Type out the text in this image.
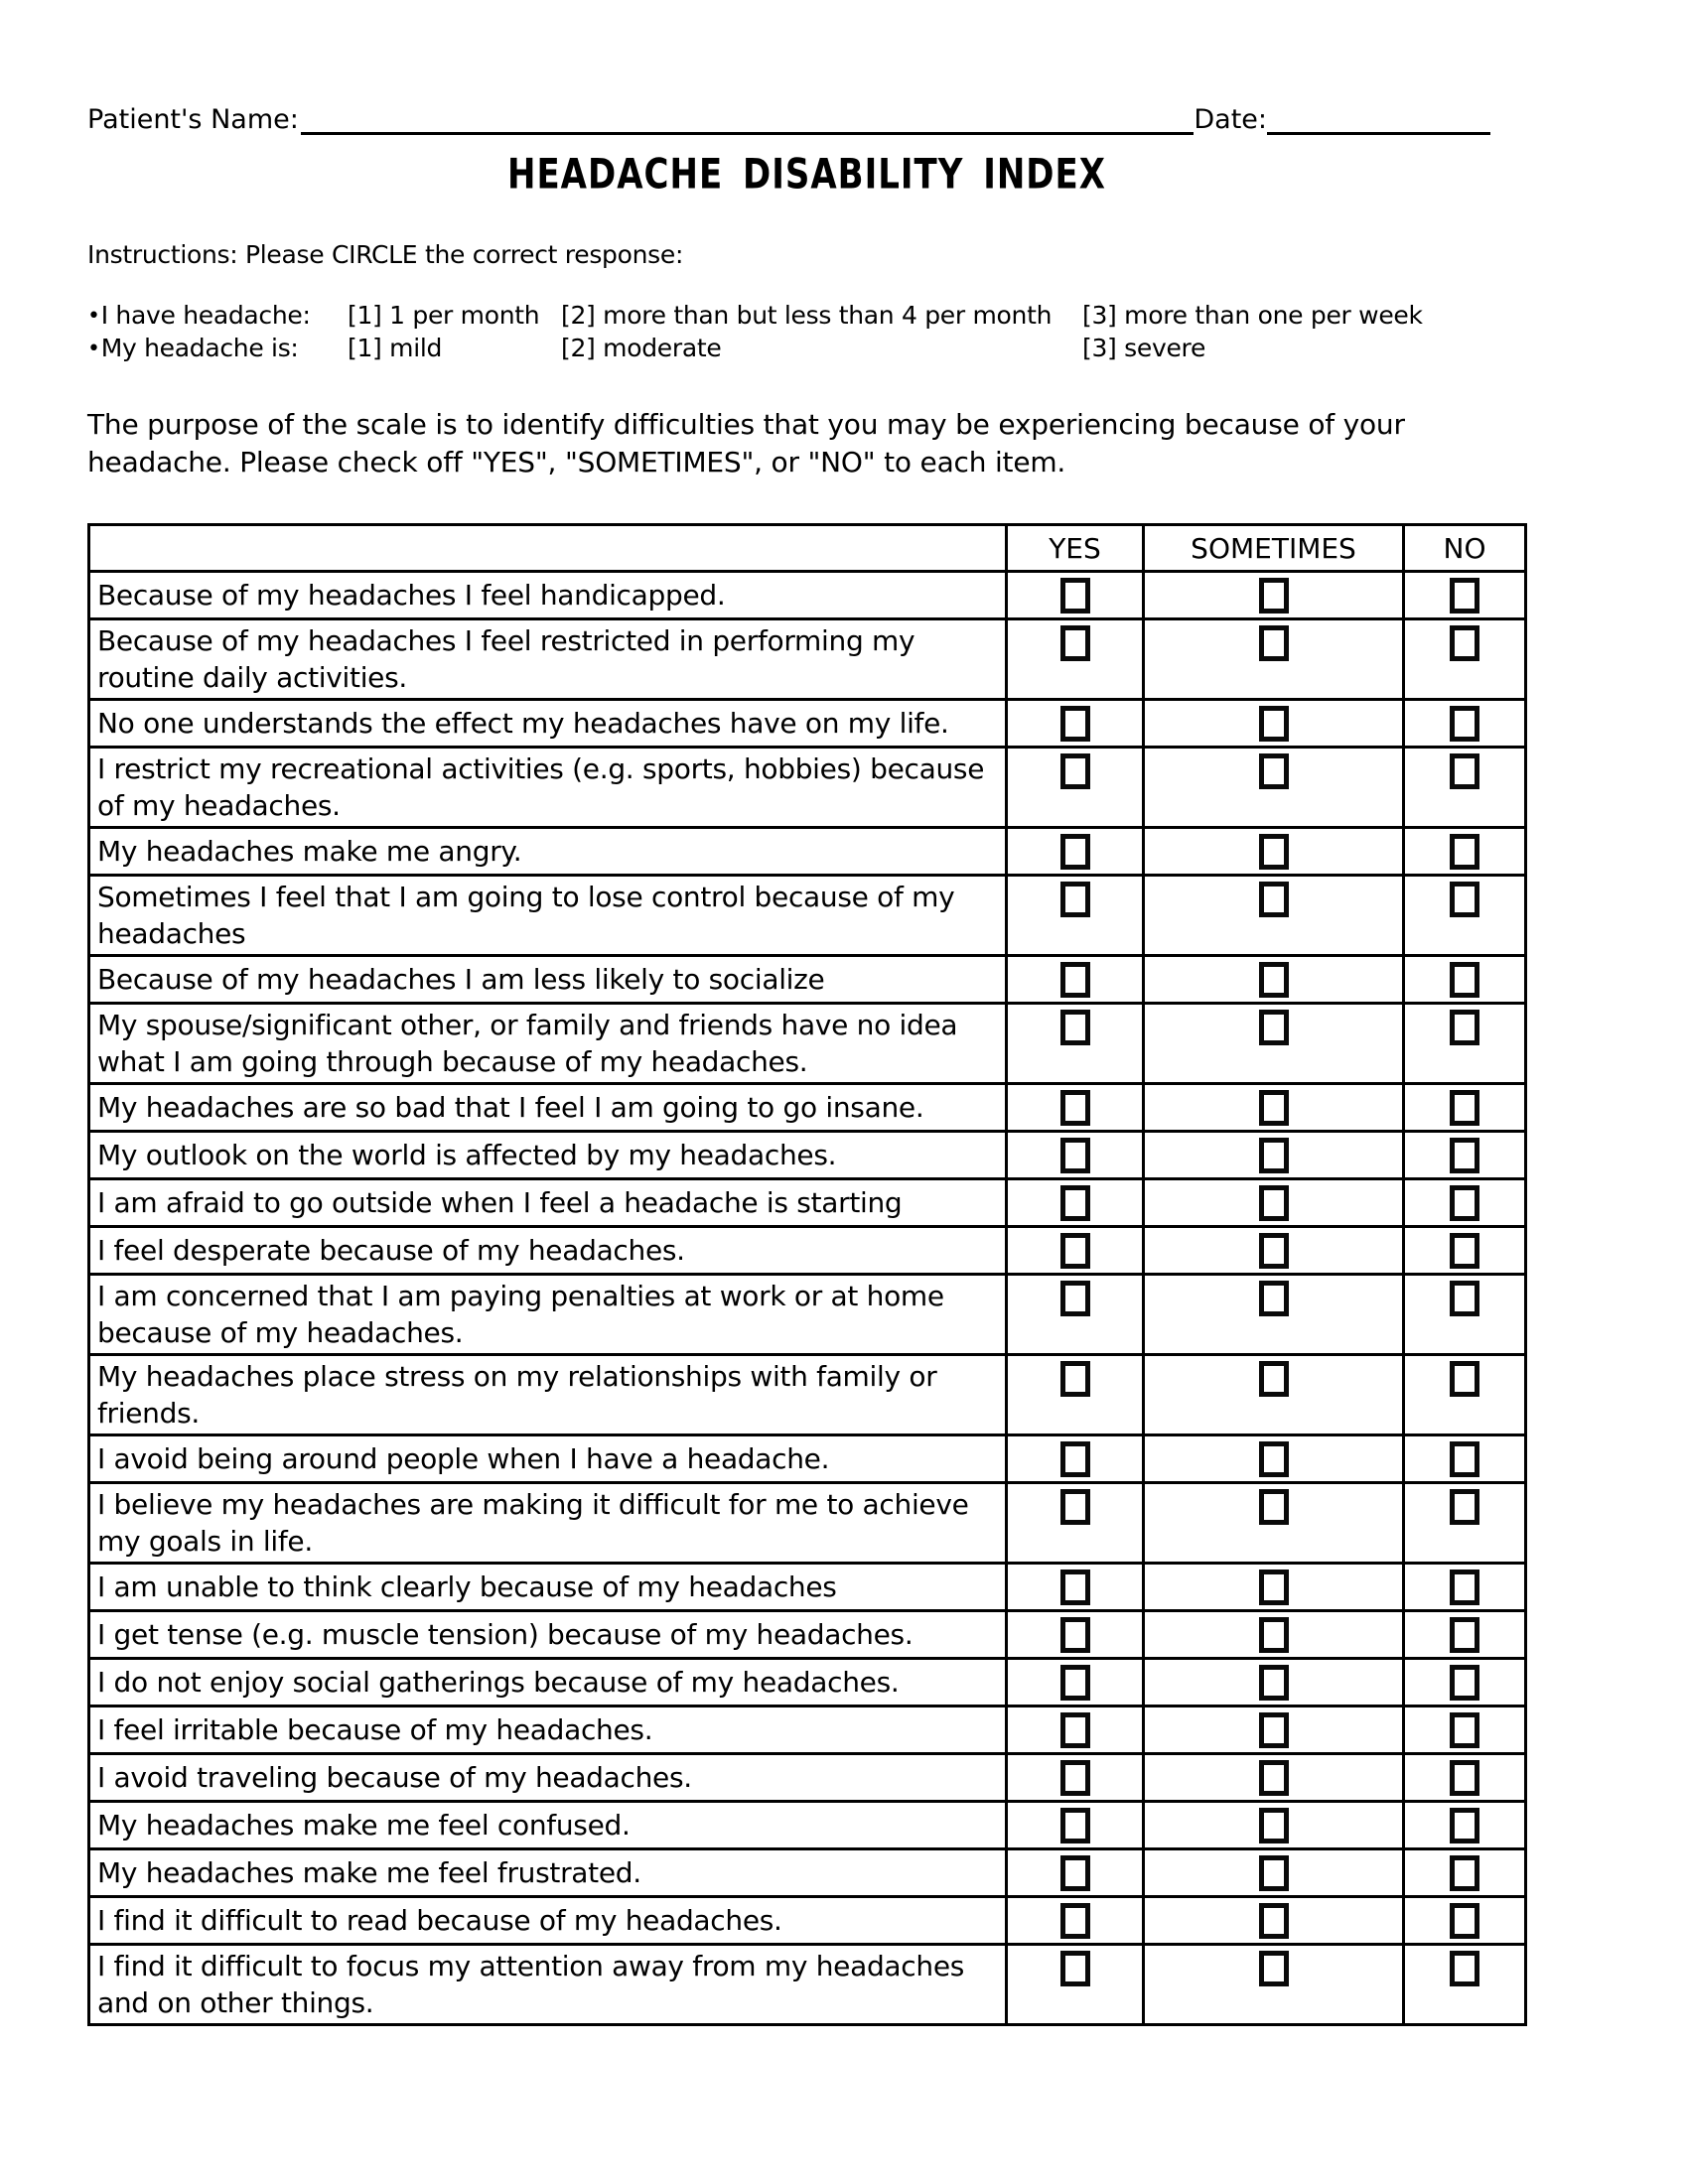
Patient's Name:	Date:
HEADACHE DISABILITY INDEX
Instructions: Please CIRCLE the correct response:
•I have headache: [1] 1 per month [2] more than but less than 4 per month [3] more than one per week
•My headache is: [1] mild	[2] moderate	[3] severe
The purpose of the scale is to identify difficulties that you may be experiencing because of your
headache. Please check off "YES", "SOMETIMES", or "NO" to each item.
	YES	SOMETIMES	NO
Because of my headaches I feel handicapped.			
Because of my headaches I feel restricted in performing my routine daily activities.			
No one understands the effect my headaches have on my life.			
I restrict my recreational activities (e.g. sports, hobbies) because of my headaches.			
My headaches make me angry.			
Sometimes I feel that I am going to lose control because of my headaches			
Because of my headaches I am less likely to socialize			
My spouse/significant other, or family and friends have no idea what I am going through because of my headaches.			
My headaches are so bad that I feel I am going to go insane.			
My outlook on the world is affected by my headaches.			
I am afraid to go outside when I feel a headache is starting			
I feel desperate because of my headaches.			
I am concerned that I am paying penalties at work or at home because of my headaches.			
My headaches place stress on my relationships with family or friends.			
I avoid being around people when I have a headache.			
I believe my headaches are making it difficult for me to achieve my goals in life.			
I am unable to think clearly because of my headaches			
I get tense (e.g. muscle tension) because of my headaches.			
I do not enjoy social gatherings because of my headaches.			
I feel irritable because of my headaches.			
I avoid traveling because of my headaches.			
My headaches make me feel confused.			
My headaches make me feel frustrated.			
I find it difficult to read because of my headaches.			
I find it difficult to focus my attention away from my headaches and on other things.			
